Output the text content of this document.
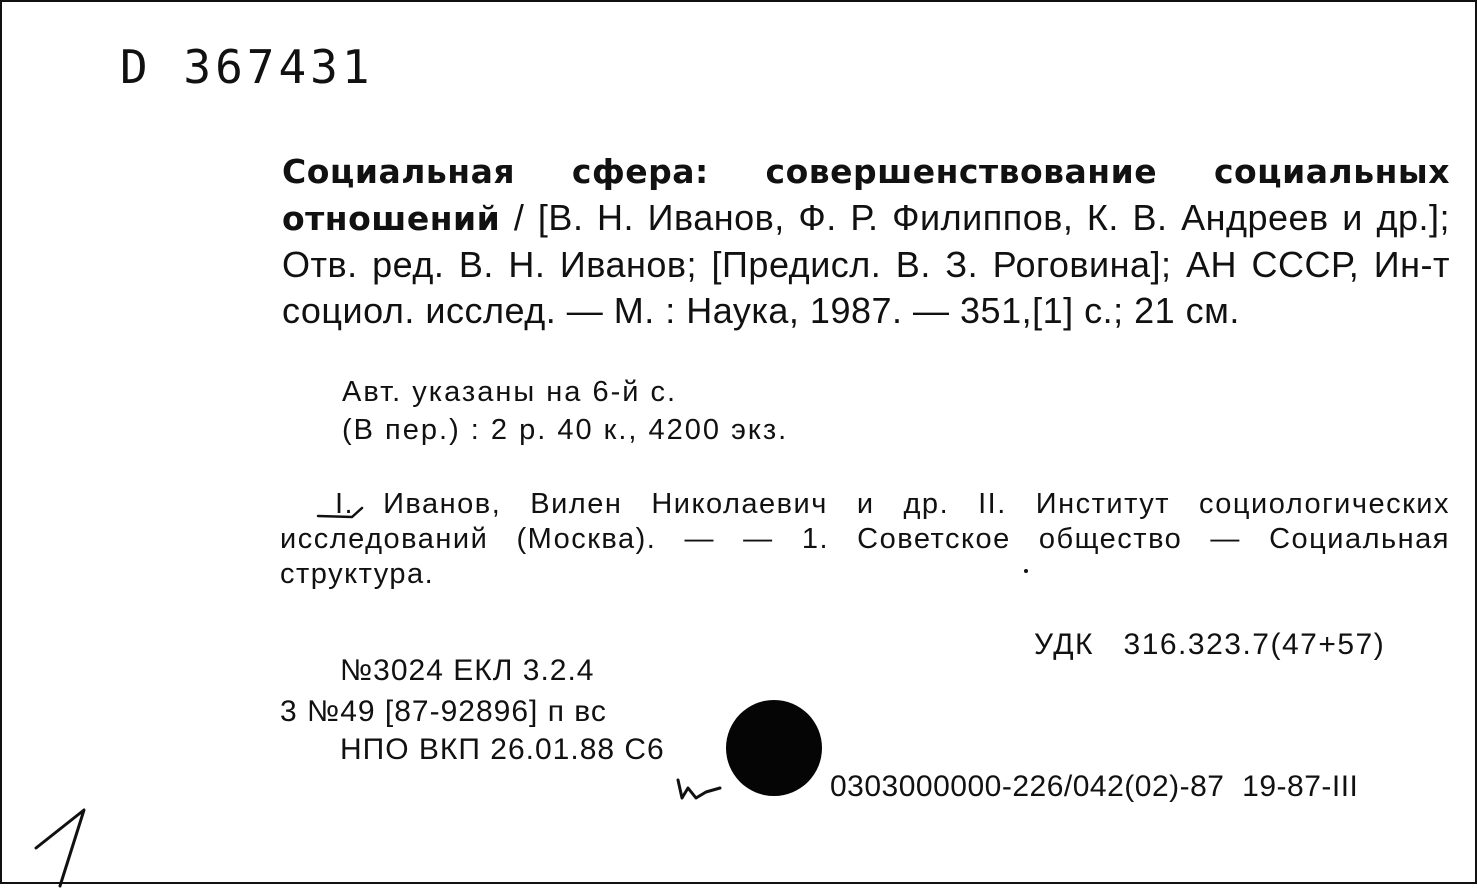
D 367431
Социальная сфера: совершенствование социальных отношений / [В. Н. Иванов, Ф. Р. Филиппов, К. В. Андреев и др.]; Отв. ред. В. Н. Иванов; [Предисл. В. З. Роговина]; АН СССР, Ин-т социол. исслед. — М. : Наука, 1987. — 351,[1] с.; 21 см.
Авт. указаны на 6-й с.
(В пер.) : 2 р. 40 к., 4200 экз.
I. Иванов, Вилен Николаевич и др. II. Институт социологических исследований (Москва). — — 1. Советское общество — Социальная структура.
УДК   316.323.7(47+57)
№3024 ЕКЛ 3.2.4
3 №49 [87-92896] п вс
НПО ВКП 26.01.88 С6
0303000000-226/042(02)-87  19-87-III
